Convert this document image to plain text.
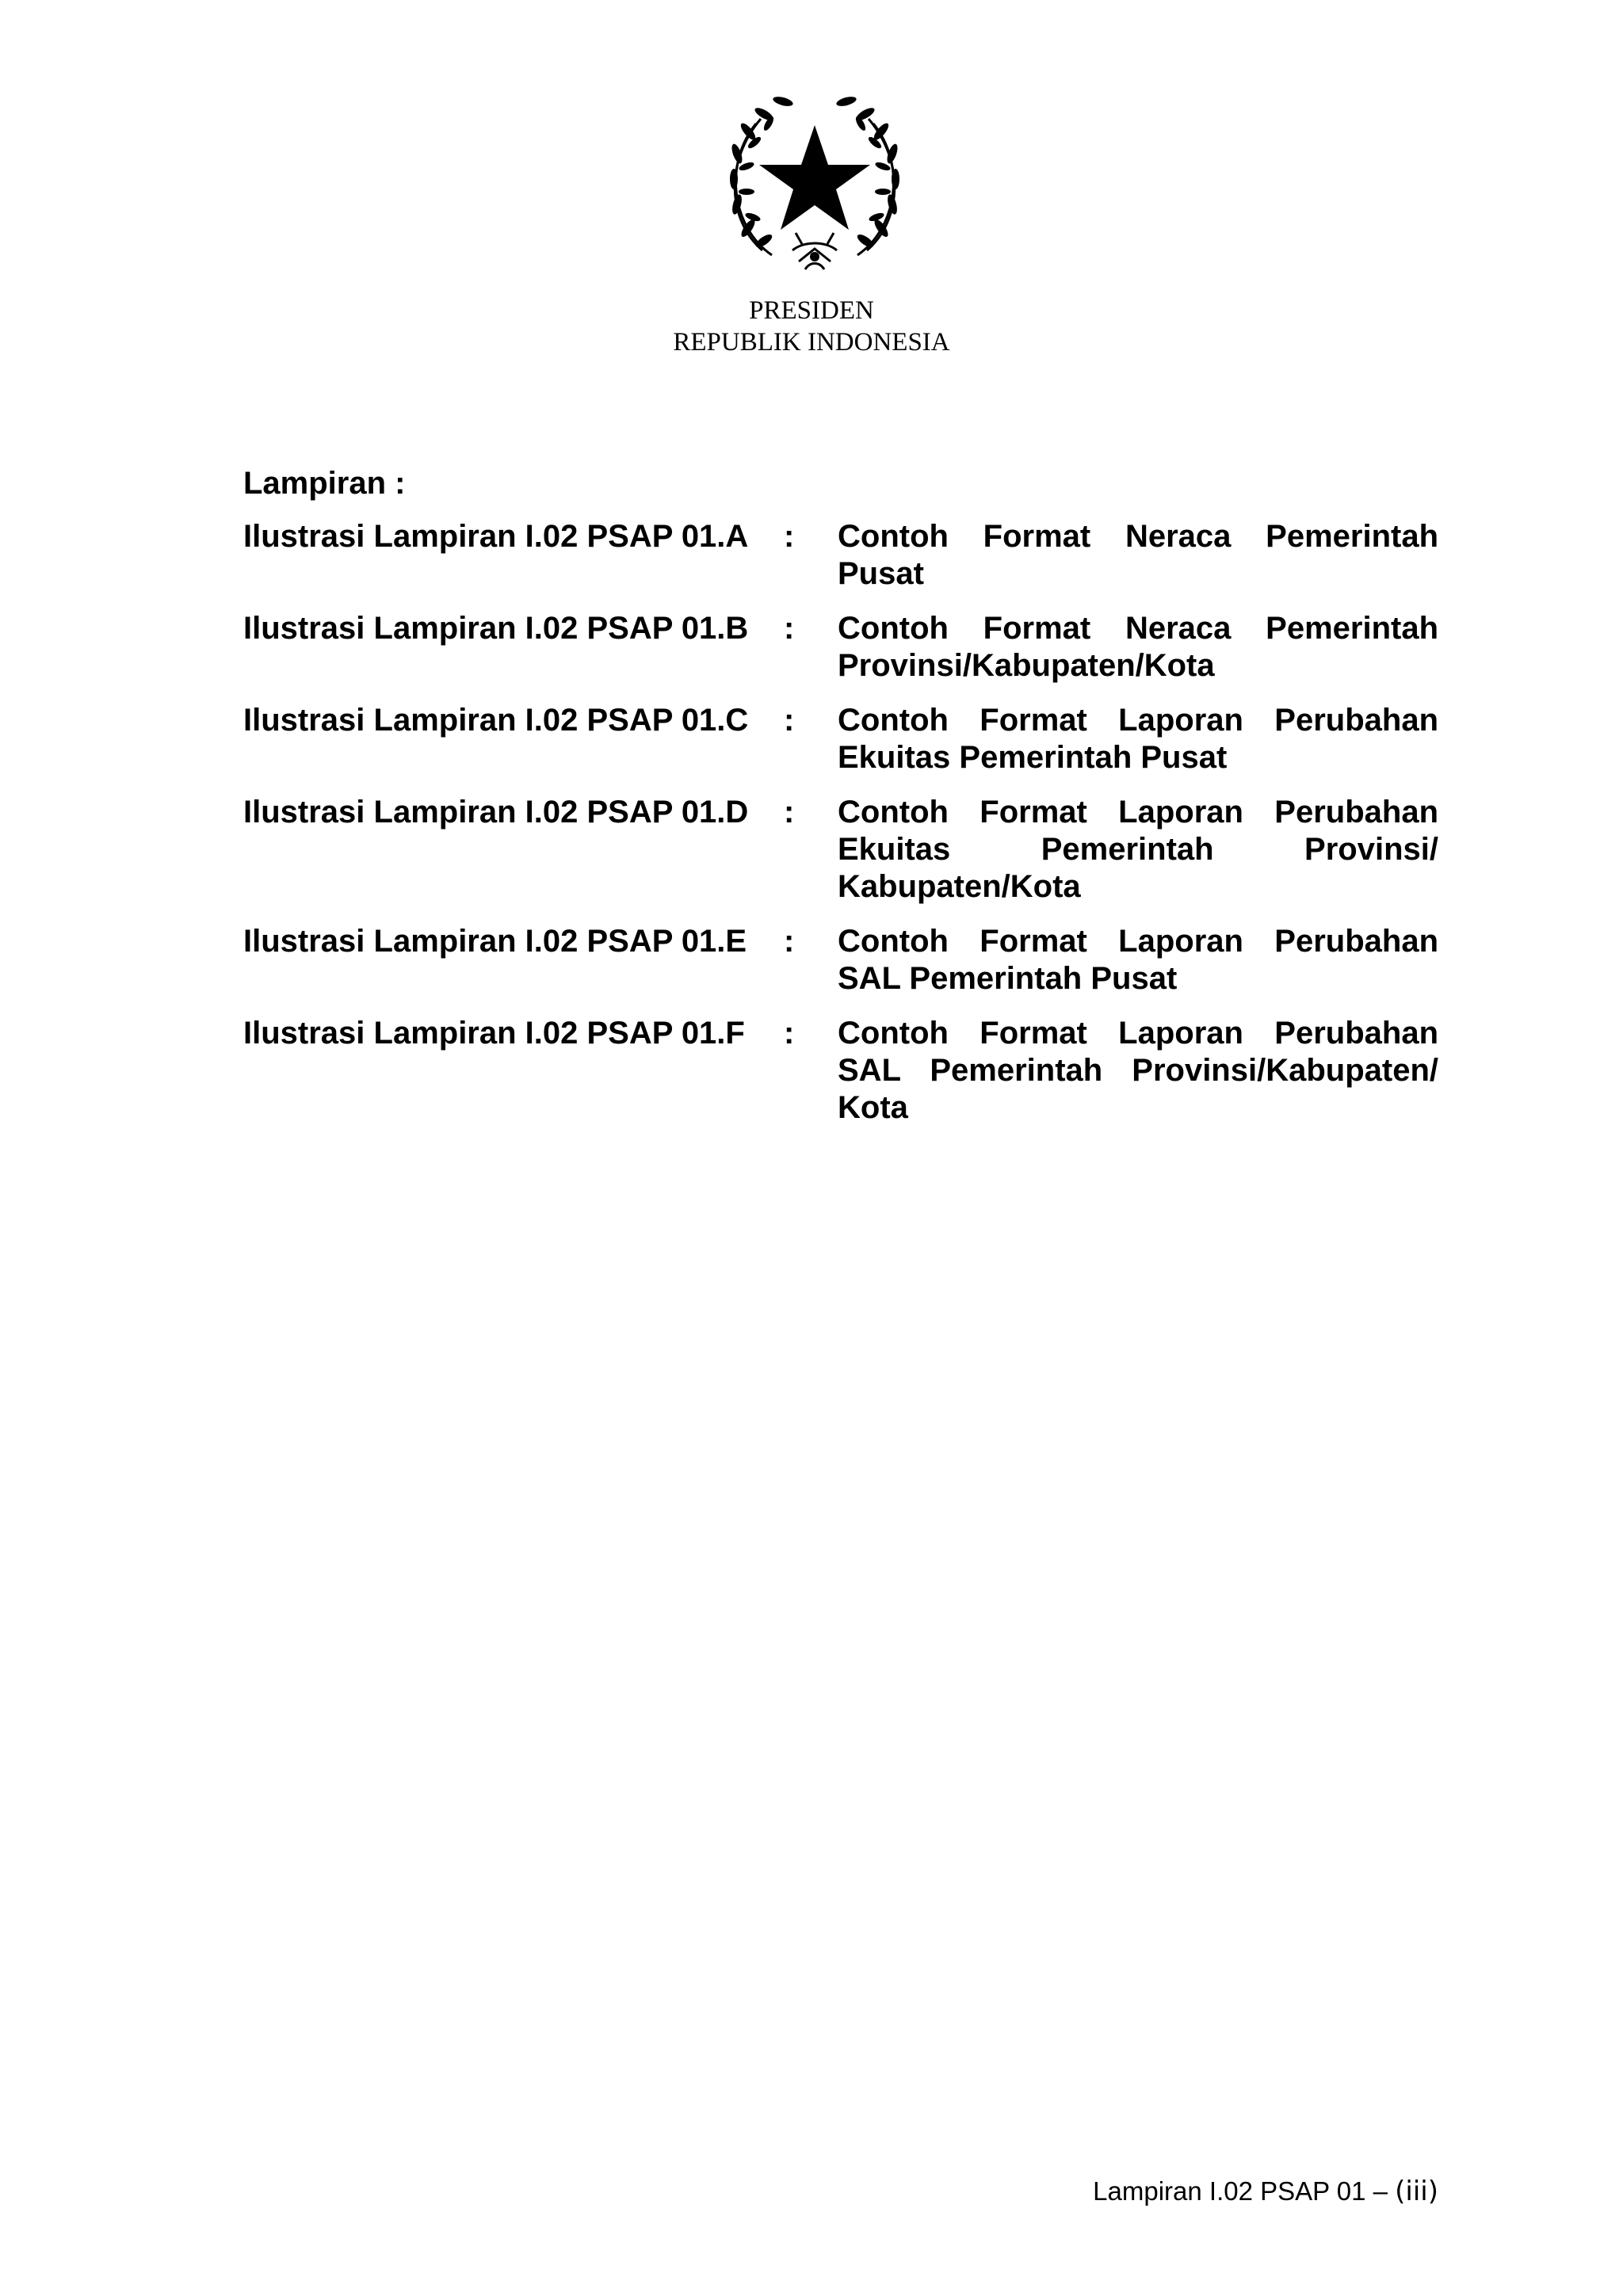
PRESIDEN
REPUBLIK INDONESIA
Lampiran :
Ilustrasi Lampiran I.02 PSAP 01.A	:	Contoh Format Neraca Pemerintah Pusat
Ilustrasi Lampiran I.02 PSAP 01.B	:	Contoh Format Neraca Pemerintah Provinsi/Kabupaten/Kota
Ilustrasi Lampiran I.02 PSAP 01.C	:	Contoh Format Laporan Perubahan Ekuitas Pemerintah Pusat
Ilustrasi Lampiran I.02 PSAP 01.D	:	Contoh Format Laporan Perubahan Ekuitas Pemerintah Provinsi/ Kabupaten/Kota
Ilustrasi Lampiran I.02 PSAP 01.E	:	Contoh Format Laporan Perubahan SAL Pemerintah Pusat
Ilustrasi Lampiran I.02 PSAP 01.F	:	Contoh Format Laporan Perubahan SAL Pemerintah Provinsi/Kabupaten/ Kota
Lampiran I.02 PSAP 01 – (iii)
